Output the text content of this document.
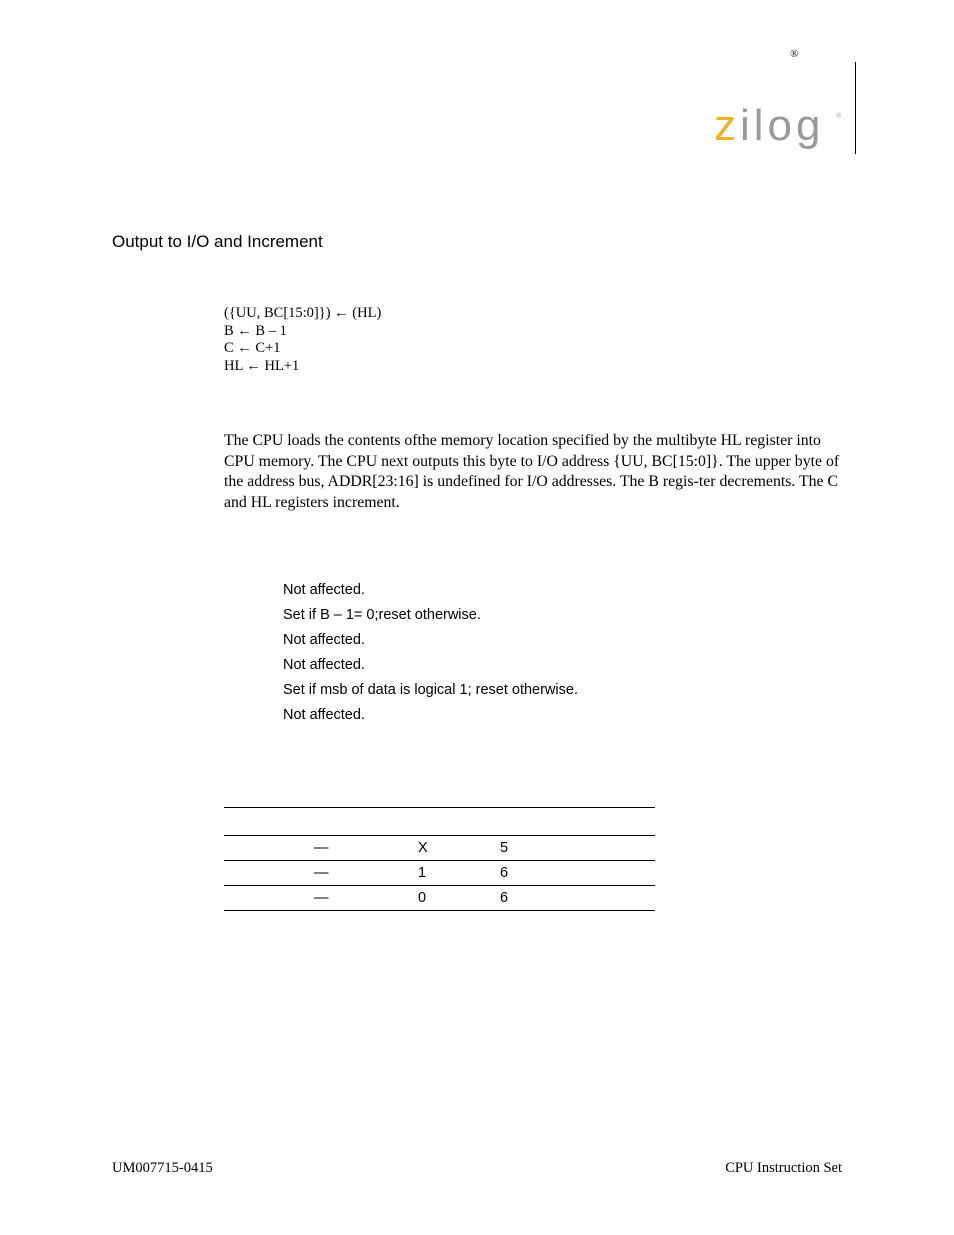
®
zilog ®
Output to I/O and Increment
({UU, BC[15:0]}) ← (HL)
B ← B – 1
C ← C+1
HL ← HL+1
The CPU loads the contents ofthe memory location specified by the multibyte HL register into CPU memory. The CPU next outputs this byte to I/O address {UU, BC[15:0]}. The upper byte of the address bus, ADDR[23:16] is undefined for I/O addresses. The B regis-ter decrements. The C and HL registers increment.
Not affected.
Set if B – 1= 0;reset otherwise.
Not affected.
Not affected.
Set if msb of data is logical 1; reset otherwise.
Not affected.

	—	X	5
	—	1	6
	—	0	6
UM007715-0415	CPU Instruction Set
